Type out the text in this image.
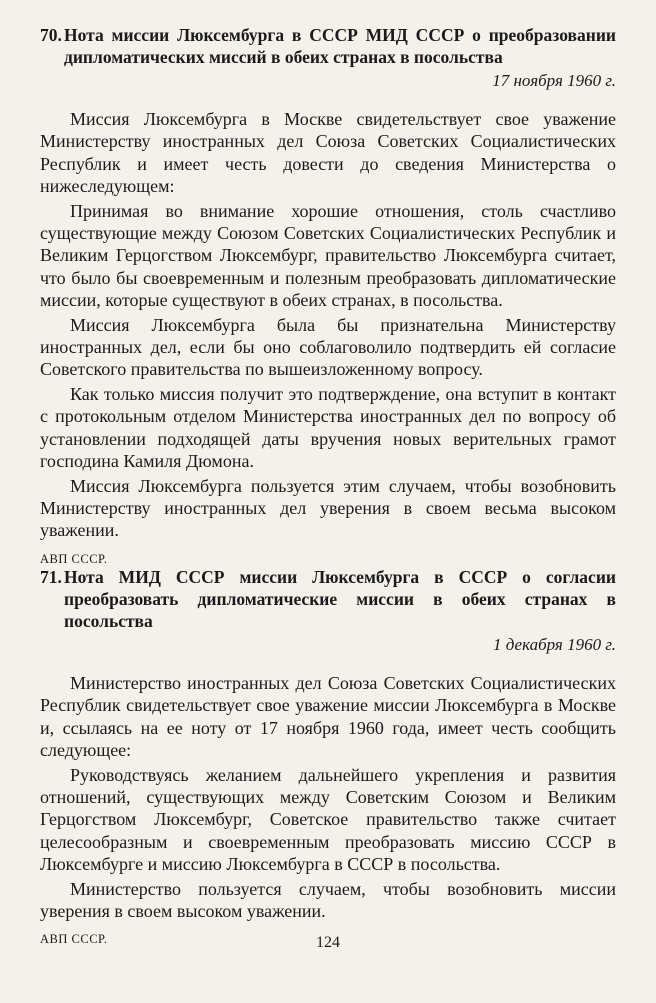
70. Нота миссии Люксембурга в СССР МИД СССР о преобразовании дипломатических миссий в обеих странах в посольства
17 ноября 1960 г.

Миссия Люксембурга в Москве свидетельствует свое уважение Министерству иностранных дел Союза Советских Социалистических Республик и имеет честь довести до сведения Министерства о нижеследующем:

Принимая во внимание хорошие отношения, столь счастливо существующие между Союзом Советских Социалистических Республик и Великим Герцогством Люксембург, правительство Люксембурга считает, что было бы своевременным и полезным преобразовать дипломатические миссии, которые существуют в обеих странах, в посольства.

Миссия Люксембурга была бы признательна Министерству иностранных дел, если бы оно соблаговолило подтвердить ей согласие Советского правительства по вышеизложенному вопросу.

Как только миссия получит это подтверждение, она вступит в контакт с протокольным отделом Министерства иностранных дел по вопросу об установлении подходящей даты вручения новых верительных грамот господина Камиля Дюмона.

Миссия Люксембурга пользуется этим случаем, чтобы возобновить Министерству иностранных дел уверения в своем весьма высоком уважении.

АВП СССР.
71. Нота МИД СССР миссии Люксембурга в СССР о согласии преобразовать дипломатические миссии в обеих странах в посольства
1 декабря 1960 г.

Министерство иностранных дел Союза Советских Социалистических Республик свидетельствует свое уважение миссии Люксембурга в Москве и, ссылаясь на ее ноту от 17 ноября 1960 года, имеет честь сообщить следующее:

Руководствуясь желанием дальнейшего укрепления и развития отношений, существующих между Советским Союзом и Великим Герцогством Люксембург, Советское правительство также считает целесообразным и своевременным преобразовать миссию СССР в Люксембурге и миссию Люксембурга в СССР в посольства.

Министерство пользуется случаем, чтобы возобновить миссии уверения в своем высоком уважении.

АВП СССР.	124
